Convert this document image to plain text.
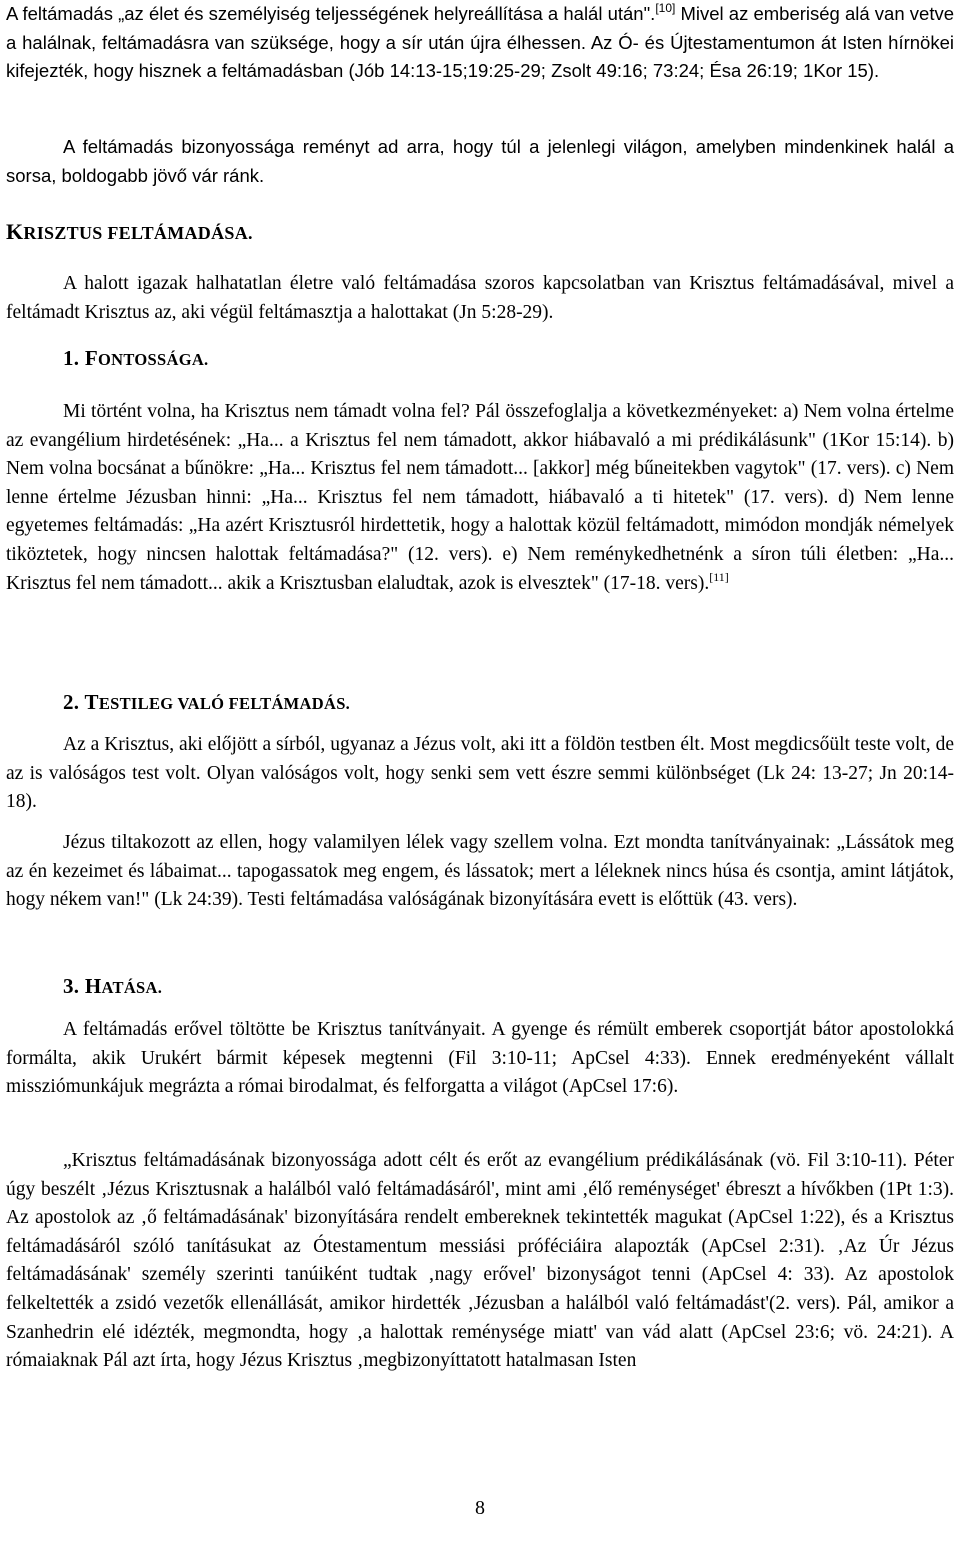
A feltámadás „az élet és személyiség teljességének helyreállítása a halál után".[10] Mivel az emberiség alá van vetve a halálnak, feltámadásra van szüksége, hogy a sír után újra élhessen. Az Ó- és Újtestamentumon át Isten hírnökei kifejezték, hogy hisznek a feltámadásban (Jób 14:13-15;19:25-29; Zsolt 49:16; 73:24; Ésa 26:19; 1Kor 15).

A feltámadás bizonyossága reményt ad arra, hogy túl a jelenlegi világon, amelyben mindenkinek halál a sorsa, boldogabb jövő vár ránk.

KRISZTUS FELTÁMADÁSA.

A halott igazak halhatatlan életre való feltámadása szoros kapcsolatban van Krisztus feltámadásával, mivel a feltámadt Krisztus az, aki végül feltámasztja a halottakat (Jn 5:28-29).

1. FONTOSSÁGA.

Mi történt volna, ha Krisztus nem támadt volna fel? Pál összefoglalja a következményeket: a) Nem volna értelme az evangélium hirdetésének: „Ha... a Krisztus fel nem támadott, akkor hiábavaló a mi prédikálásunk" (1Kor 15:14). b) Nem volna bocsánat a bűnökre: „Ha... Krisztus fel nem támadott... [akkor] még bűneitekben vagytok" (17. vers). c) Nem lenne értelme Jézusban hinni: „Ha... Krisztus fel nem támadott, hiábavaló a ti hitetek" (17. vers). d) Nem lenne egyetemes feltámadás: „Ha azért Krisztusról hirdettetik, hogy a halottak közül feltámadott, mimódon mondják némelyek tiköztetek, hogy nincsen halottak feltámadása?" (12. vers). e) Nem reménykedhetnénk a síron túli életben: „Ha... Krisztus fel nem támadott... akik a Krisztusban elaludtak, azok is elvesztek" (17-18. vers).[11]

2. TESTILEG VALÓ FELTÁMADÁS.

Az a Krisztus, aki előjött a sírból, ugyanaz a Jézus volt, aki itt a földön testben élt. Most megdicsőült teste volt, de az is valóságos test volt. Olyan valóságos volt, hogy senki sem vett észre semmi különbséget (Lk 24: 13-27; Jn 20:14-18).

Jézus tiltakozott az ellen, hogy valamilyen lélek vagy szellem volna. Ezt mondta tanítványainak: „Lássátok meg az én kezeimet és lábaimat... tapogassatok meg engem, és lássatok; mert a léleknek nincs húsa és csontja, amint látjátok, hogy nékem van!" (Lk 24:39). Testi feltámadása valóságának bizonyítására evett is előttük (43. vers).

3. HATÁSA.

A feltámadás erővel töltötte be Krisztus tanítványait. A gyenge és rémült emberek csoportját bátor apostolokká formálta, akik Urukért bármit képesek megtenni (Fil 3:10-11; ApCsel 4:33). Ennek eredményeként vállalt missziómunkájuk megrázta a római birodalmat, és felforgatta a világot (ApCsel 17:6).

„Krisztus feltámadásának bizonyossága adott célt és erőt az evangélium prédikálásának (vö. Fil 3:10-11). Péter úgy beszélt ‚Jézus Krisztusnak a halálból való feltámadásáról', mint ami ‚élő reménységet' ébreszt a hívőkben (1Pt 1:3). Az apostolok az ‚ő feltámadásának' bizonyítására rendelt embereknek tekintették magukat (ApCsel 1:22), és a Krisztus feltámadásáról szóló tanításukat az Ótestamentum messiási próféciáira alapozták (ApCsel 2:31). ‚Az Úr Jézus feltámadásának' személy szerinti tanúiként tudtak ‚nagy erővel' bizonyságot tenni (ApCsel 4: 33). Az apostolok felkeltették a zsidó vezetők ellenállását, amikor hirdették ‚Jézusban a halálból való feltámadást'(2. vers). Pál, amikor a Szanhedrin elé idézték, megmondta, hogy ‚a halottak reménysége miatt' van vád alatt (ApCsel 23:6; vö. 24:21). A rómaiaknak Pál azt írta, hogy Jézus Krisztus ‚megbizonyíttatott hatalmasan Isten

8
